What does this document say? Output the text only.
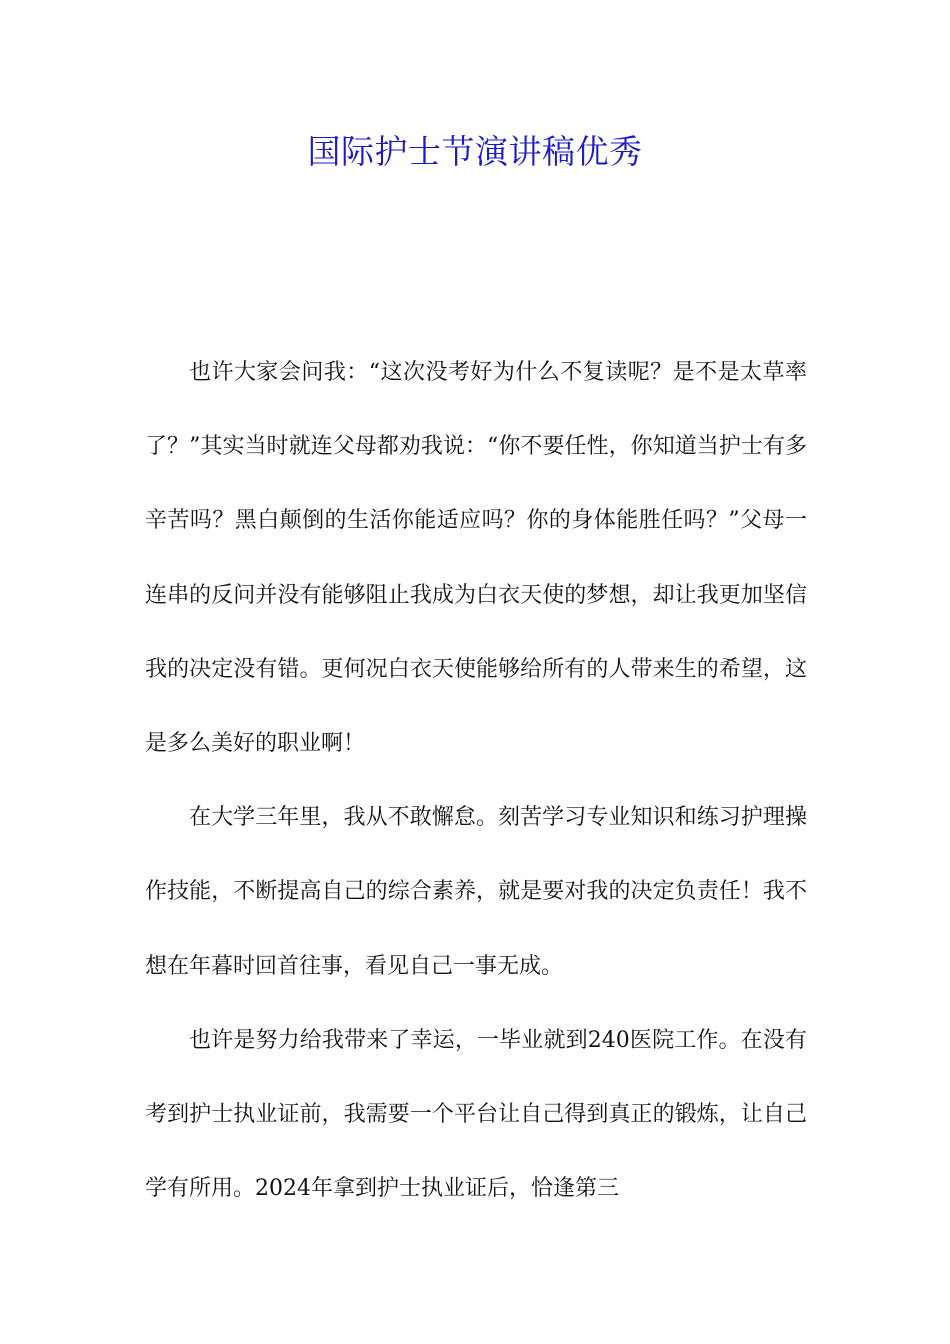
国际护士节演讲稿优秀

也许大家会问我：“这次没考好为什么不复读呢？是不是太草率了？”其实当时就连父母都劝我说：“你不要任性，你知道当护士有多辛苦吗？黑白颠倒的生活你能适应吗？你的身体能胜任吗？”父母一连串的反问并没有能够阻止我成为白衣天使的梦想，却让我更加坚信我的决定没有错。更何况白衣天使能够给所有的人带来生的希望，这是多么美好的职业啊！

在大学三年里，我从不敢懈怠。刻苦学习专业知识和练习护理操作技能，不断提高自己的综合素养，就是要对我的决定负责任！我不想在年暮时回首往事，看见自己一事无成。

也许是努力给我带来了幸运，一毕业就到240医院工作。在没有考到护士执业证前，我需要一个平台让自己得到真正的锻炼，让自己学有所用。2024年拿到护士执业证后，恰逢第三
